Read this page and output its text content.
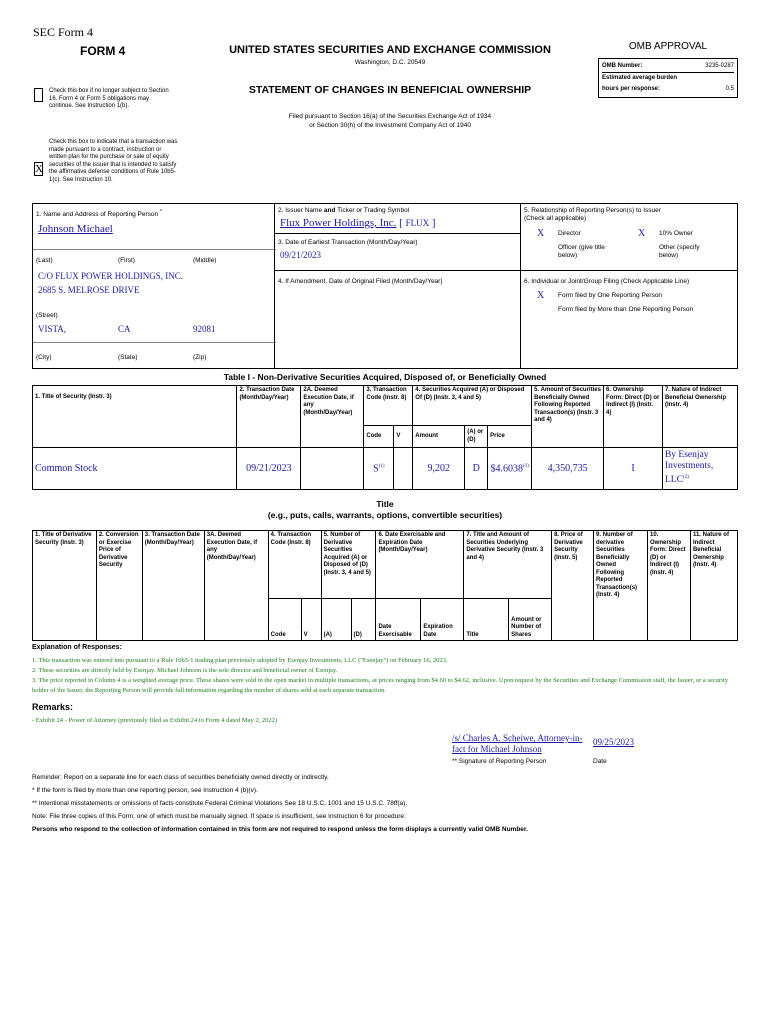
SEC Form 4
FORM 4	UNITED STATES SECURITIES AND EXCHANGE COMMISSION
Washington, D.C. 20549
STATEMENT OF CHANGES IN BENEFICIAL OWNERSHIP
Filed pursuant to Section 16(a) of the Securities Exchange Act of 1934
or Section 30(h) of the Investment Company Act of 1940
Check this box if no longer subject to Section 16. Form 4 or Form 5 obligations may continue. See Instruction 1(b).
X
Check this box to indicate that a transaction was made pursuant to a contract, instruction or written plan for the purchase or sale of equity securities of the issuer that is intended to satisfy the affirmative defense conditions of Rule 10b5-1(c). See Instruction 10.
OMB APPROVAL
OMB Number:	3235-0287
Estimated average burden
hours per response:	0.5
1. Name and Address of Reporting Person *
Johnson Michael
(Last)	(First)	(Middle)
C/O FLUX POWER HOLDINGS, INC.
2685 S. MELROSE DRIVE
(Street)
VISTA,	CA	92081
(City)	(State)	(Zip)
2. Issuer Name and Ticker or Trading Symbol
Flux Power Holdings, Inc. [ FLUX ]
3. Date of Earliest Transaction (Month/Day/Year)
09/21/2023
4. If Amendment, Date of Original Filed (Month/Day/Year)
5. Relationship of Reporting Person(s) to Issuer
(Check all applicable)
X Director	X 10% Owner
Officer (give title below)
Other (specify below)
6. Individual or Joint/Group Filing (Check Applicable Line)
X Form filed by One Reporting Person
Form filed by More than One Reporting Person
Table I - Non-Derivative Securities Acquired, Disposed of, or Beneficially Owned
1. Title of Security (Instr. 3)	2. Transaction Date (Month/Day/Year)	2A. Deemed Execution Date, if any (Month/Day/Year)	3. Transaction Code (Instr. 8)		4. Securities Acquired (A) or Disposed Of (D) (Instr. 3, 4 and 5)			5. Amount of Securities Beneficially Owned Following Reported Transaction(s) (Instr. 3 and 4)	6. Ownership Form: Direct (D) or Indirect (I) (Instr. 4)	7. Nature of Indirect Beneficial Ownership (Instr. 4)
			Code	V	Amount	(A) or (D)	Price			
Common Stock	09/21/2023		$S^{(1)}$		9,202	D	$4.6038$^{(3)}$	4,350,735	I	By Esenjay Investments, LLC$^{(2)}$
Title
(e.g., puts, calls, warrants, options, convertible securities)
1. Title of Derivative Security (Instr. 3)	2. Conversion or Exercise Price of Derivative Security	3. Transaction Date (Month/Day/Year)	3A. Deemed Execution Date, if any (Month/Day/Year)	4. Transaction Code (Instr. 8)		5. Number of Derivative Securities Acquired (A) or Disposed of (D) (Instr. 3, 4 and 5)		6. Date Exercisable and Expiration Date (Month/Day/Year)		7. Title and Amount of Securities Underlying Derivative Security (Instr. 3 and 4)		8. Price of Derivative Security (Instr. 5)	9. Number of derivative Securities Beneficially Owned Following Reported Transaction(s) (Instr. 4)	10. Ownership Form: Direct (D) or Indirect (I) (Instr. 4)	11. Nature of Indirect Beneficial Ownership (Instr. 4)
				Code	V	(A)	(D)	Date Exercisable	Expiration Date	Title	Amount or Number of Shares				
Explanation of Responses:
1. This transaction was entered into pursuant to a Rule 10b5-1 trading plan previously adopted by Esenjay Investments, LLC ("Esenjay") on February 16, 2023.
2. These securities are directly held by Esenjay. Michael Johnson is the sole director and beneficial owner of Esenjay.
3. The price reported in Column 4 is a weighted average price. These shares were sold in the open market in multiple transactions, at prices ranging from $4.60 to $4.62, inclusive. Upon request by the Securities and Exchange Commission staff, the Issuer, or a security holder of the Issuer, the Reporting Person will provide full information regarding the number of shares sold at each separate transaction.
Remarks:
- Exhibit 24 - Power of Attorney (previously filed as Exhibit 24 to Form 4 dated May 2, 2022)
/s/ Charles A. Scheiwe, Attorney-in-fact for Michael Johnson
09/25/2023
** Signature of Reporting Person	Date
Reminder: Report on a separate line for each class of securities beneficially owned directly or indirectly.
* If the form is filed by more than one reporting person, see Instruction 4 (b)(v).
** Intentional misstatements or omissions of facts constitute Federal Criminal Violations See 18 U.S.C. 1001 and 15 U.S.C. 78ff(a).
Note: File three copies of this Form, one of which must be manually signed. If space is insufficient, see Instruction 6 for procedure.
Persons who respond to the collection of information contained in this form are not required to respond unless the form displays a currently valid OMB Number.
